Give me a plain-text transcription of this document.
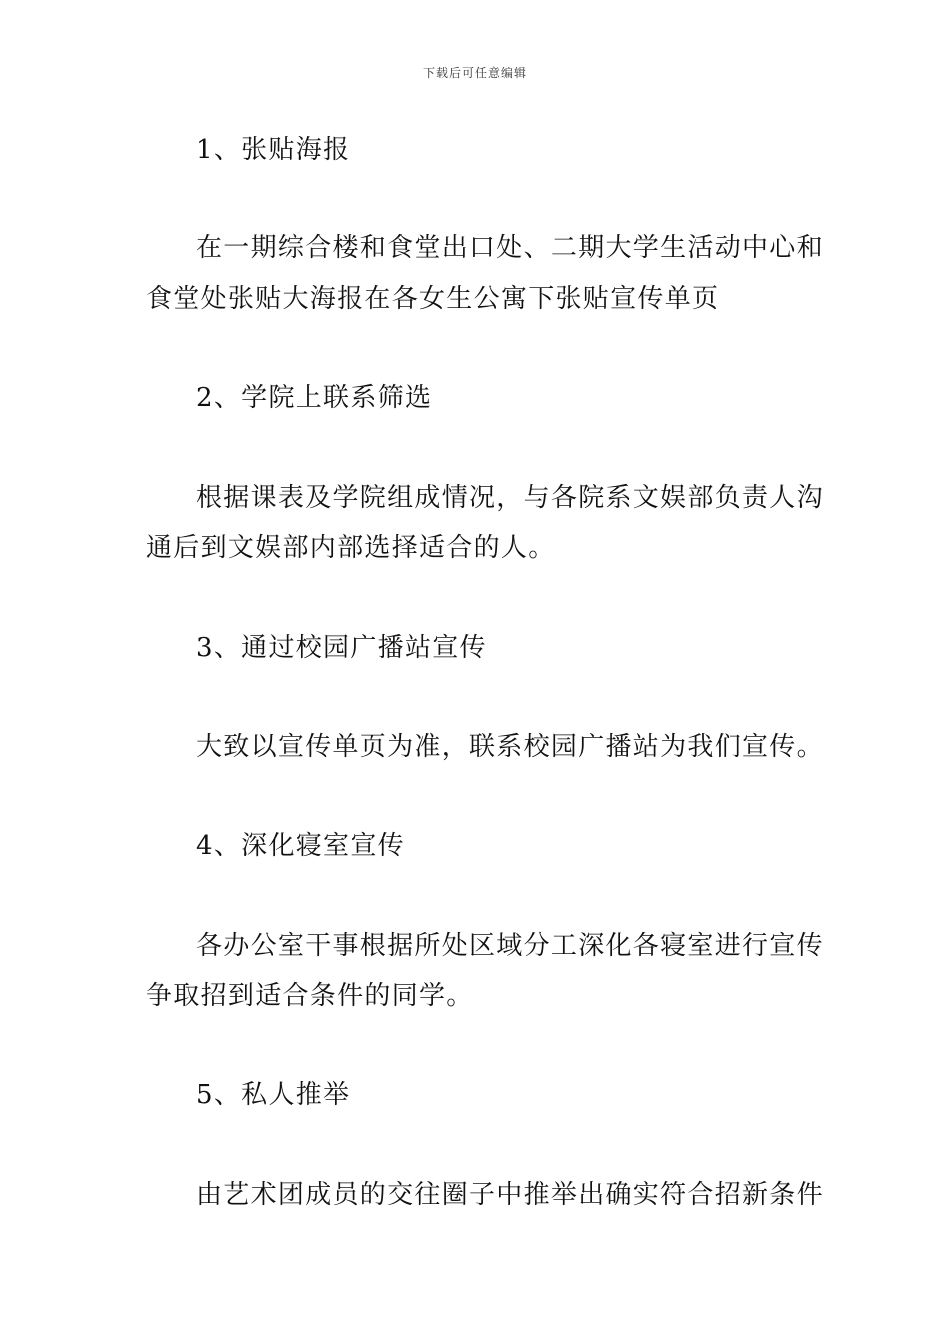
下载后可任意编辑
1、张贴海报
在一期综合楼和食堂出口处、二期大学生活动中心和
食堂处张贴大海报在各女生公寓下张贴宣传单页
2、学院上联系筛选
根据课表及学院组成情况，与各院系文娱部负责人沟
通后到文娱部内部选择适合的人。
3、通过校园广播站宣传
大致以宣传单页为准，联系校园广播站为我们宣传。
4、深化寝室宣传
各办公室干事根据所处区域分工深化各寝室进行宣传
争取招到适合条件的同学。
5、私人推举
由艺术团成员的交往圈子中推举出确实符合招新条件
